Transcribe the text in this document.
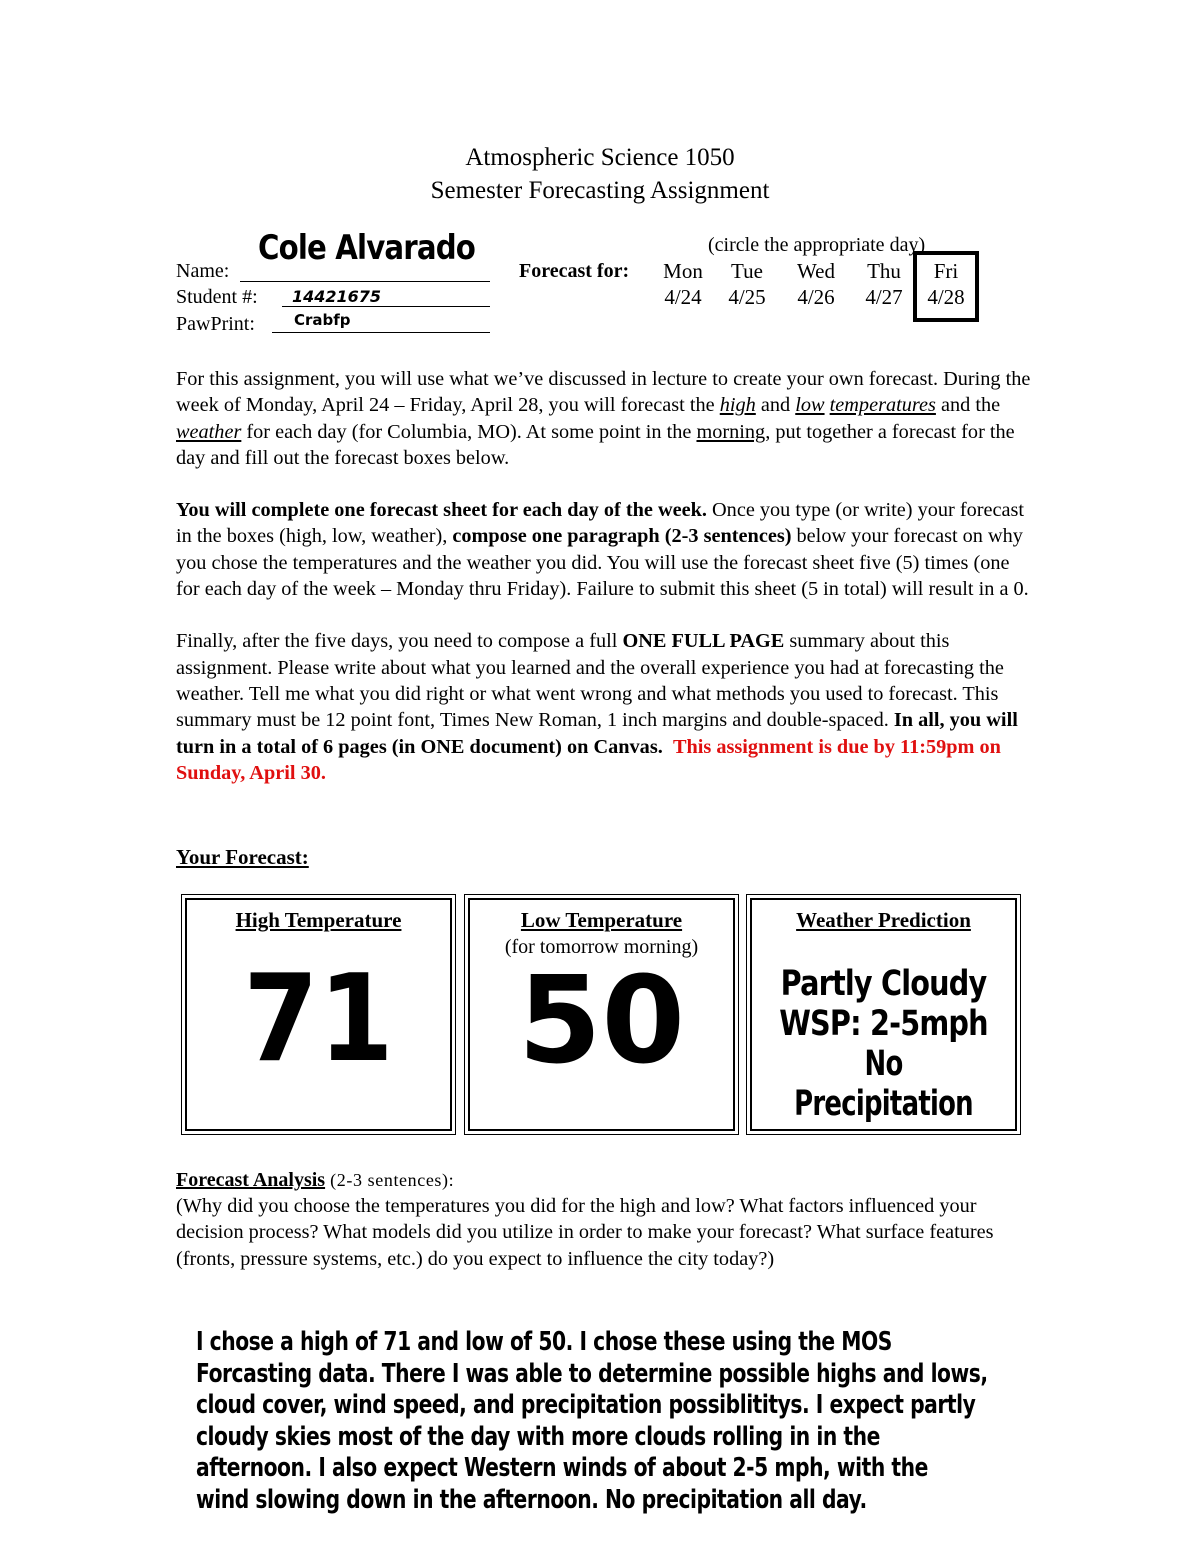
Atmospheric Science 1050
Semester Forecasting Assignment
Name:
Cole Alvarado
Student #: 14421675
PawPrint:	Crabfp
(circle the appropriate day)
Forecast for:	Mon
4/24
Tue
4/25
Wed
4/26
Thu
4/27
Fri
4/28

For this assignment, you will use what we’ve discussed in lecture to create your own forecast. During the week of Monday, April 24 – Friday, April 28, you will forecast the high and low temperatures and the weather for each day (for Columbia, MO). At some point in the morning, put together a forecast for the day and fill out the forecast boxes below.

You will complete one forecast sheet for each day of the week. Once you type (or write) your forecast in the boxes (high, low, weather), compose one paragraph (2-3 sentences) below your forecast on why you chose the temperatures and the weather you did. You will use the forecast sheet five (5) times (one for each day of the week – Monday thru Friday). Failure to submit this sheet (5 in total) will result in a 0.

Finally, after the five days, you need to compose a full ONE FULL PAGE summary about this assignment. Please write about what you learned and the overall experience you had at forecasting the weather. Tell me what you did right or what went wrong and what methods you used to forecast. This summary must be 12 point font, Times New Roman, 1 inch margins and double-spaced. In all, you will turn in a total of 6 pages (in ONE document) on Canvas. This assignment is due by 11:59pm on Sunday, April 30.

Your Forecast:
High Temperature
71
Low Temperature
(for tomorrow morning)
50
Weather Prediction
Partly Cloudy
WSP: 2-5mph
No Precipitation
Forecast Analysis (2-3 sentences):
(Why did you choose the temperatures you did for the high and low? What factors influenced your decision process? What models did you utilize in order to make your forecast? What surface features (fronts, pressure systems, etc.) do you expect to influence the city today?)
I chose a high of 71 and low of 50. I chose these using the MOS
Forcasting data. There I was able to determine possible highs and lows,
cloud cover, wind speed, and precipitation possiblititys. I expect partly
cloudy skies most of the day with more clouds rolling in in the
afternoon. I also expect Western winds of about 2-5 mph, with the
wind slowing down in the afternoon. No precipitation all day.
